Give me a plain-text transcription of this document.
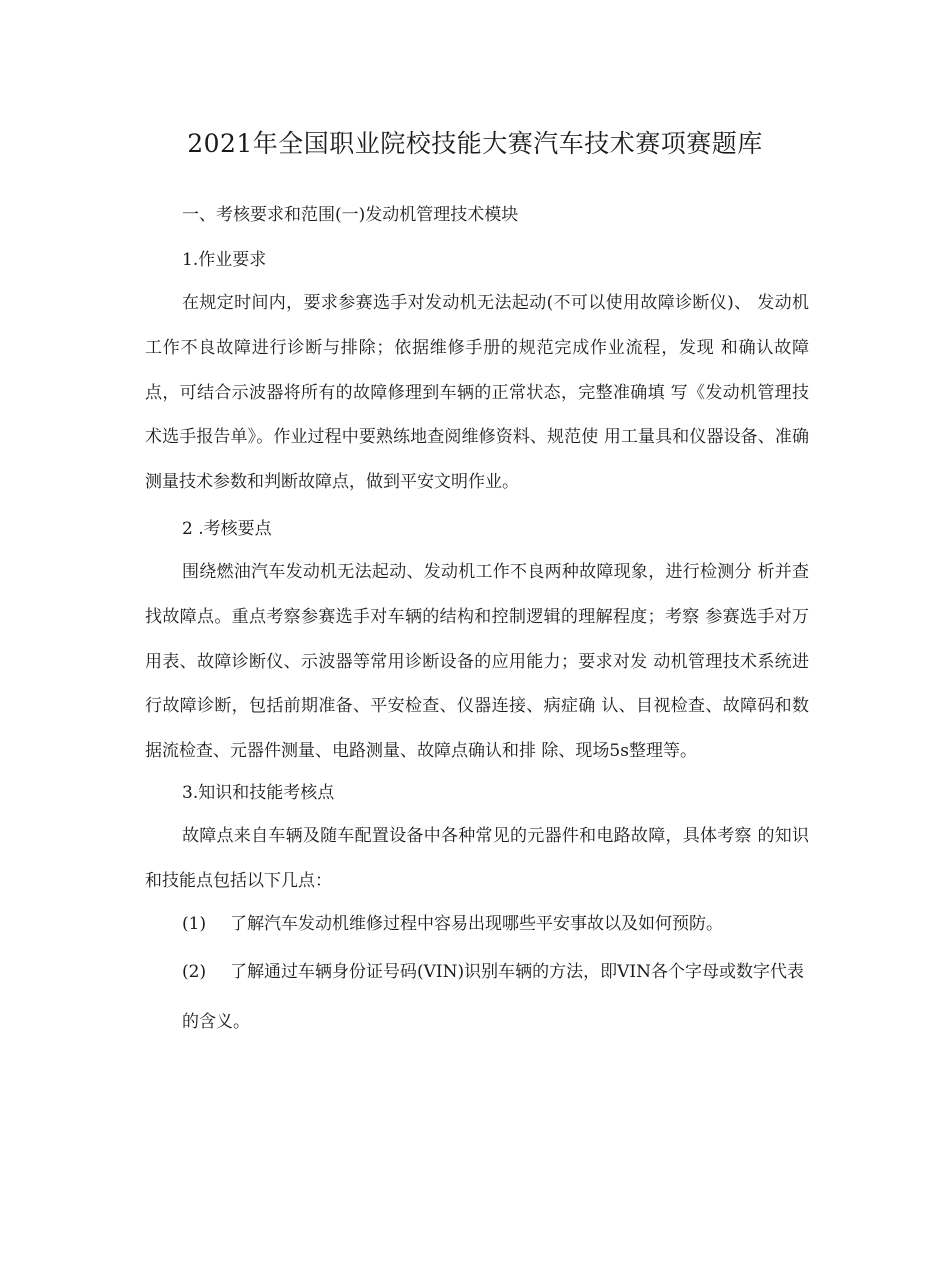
2021年全国职业院校技能大赛汽车技术赛项赛题库
一、考核要求和范围(一)发动机管理技术模块
1.作业要求
在规定时间内，要求参赛选手对发动机无法起动(不可以使用故障诊断仪)、 发动机工作不良故障进行诊断与排除；依据维修手册的规范完成作业流程，发现 和确认故障点，可结合示波器将所有的故障修理到车辆的正常状态，完整准确填 写《发动机管理技术选手报告单》。作业过程中要熟练地查阅维修资料、规范使 用工量具和仪器设备、准确测量技术参数和判断故障点，做到平安文明作业。
2 .考核要点
围绕燃油汽车发动机无法起动、发动机工作不良两种故障现象，进行检测分 析并查找故障点。重点考察参赛选手对车辆的结构和控制逻辑的理解程度；考察 参赛选手对万用表、故障诊断仪、示波器等常用诊断设备的应用能力；要求对发 动机管理技术系统进行故障诊断，包括前期准备、平安检查、仪器连接、病症确 认、目视检查、故障码和数据流检查、元器件测量、电路测量、故障点确认和排 除、现场5s整理等。
3.知识和技能考核点
故障点来自车辆及随车配置设备中各种常见的元器件和电路故障，具体考察 的知识和技能点包括以下几点：
(1) 了解汽车发动机维修过程中容易出现哪些平安事故以及如何预防。
(2) 了解通过车辆身份证号码(VIN)识别车辆的方法，即VIN各个字母或数字代表的含义。
